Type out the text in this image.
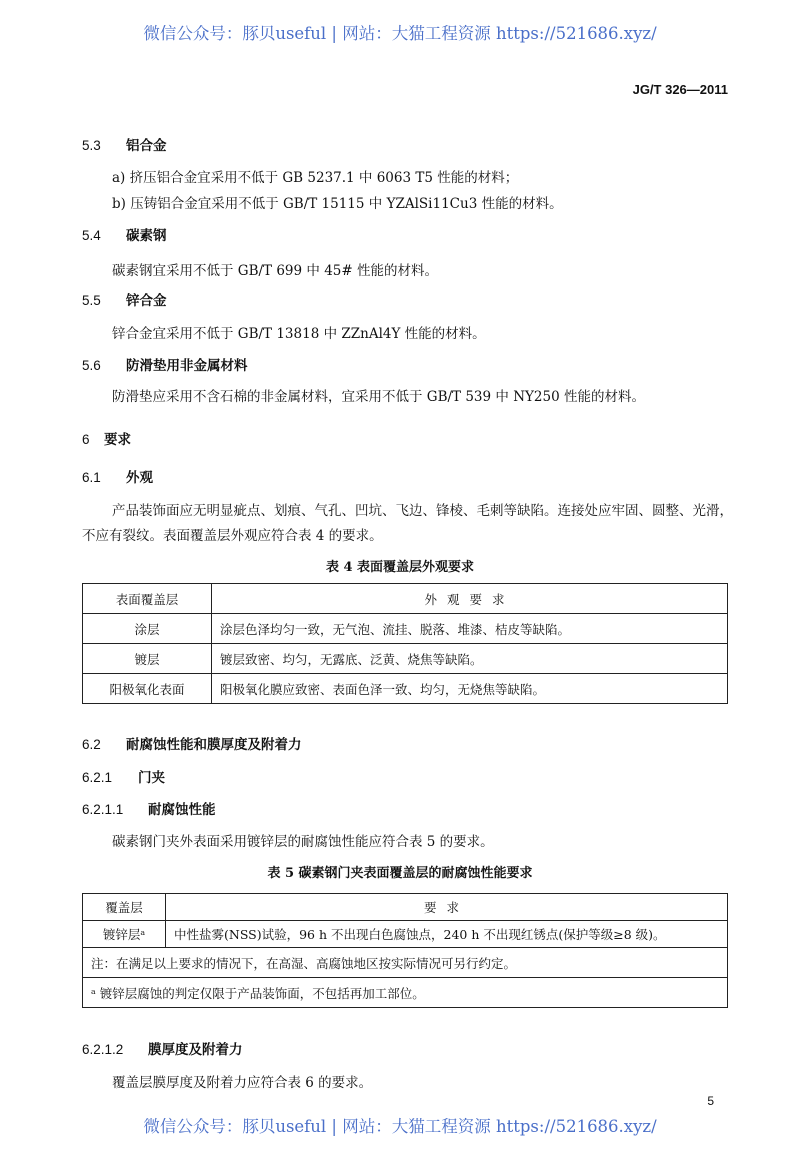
微信公众号：豚贝useful | 网站：大猫工程资源 https://521686.xyz/
JG/T 326—2011
5.3 铝合金
a) 挤压铝合金宜采用不低于 GB 5237.1 中 6063 T5 性能的材料；
b) 压铸铝合金宜采用不低于 GB/T 15115 中 YZAlSi11Cu3 性能的材料。
5.4 碳素钢
碳素钢宜采用不低于 GB/T 699 中 45# 性能的材料。
5.5 锌合金
锌合金宜采用不低于 GB/T 13818 中 ZZnAl4Y 性能的材料。
5.6 防滑垫用非金属材料
防滑垫应采用不含石棉的非金属材料，宜采用不低于 GB/T 539 中 NY250 性能的材料。
6 要求
6.1 外观
产品装饰面应无明显疵点、划痕、气孔、凹坑、飞边、锋棱、毛刺等缺陷。连接处应牢固、圆整、光滑，
不应有裂纹。表面覆盖层外观应符合表 4 的要求。
表 4 表面覆盖层外观要求
表面覆盖层	外观要求
涂层	涂层色泽均匀一致，无气泡、流挂、脱落、堆漆、桔皮等缺陷。
镀层	镀层致密、均匀，无露底、泛黄、烧焦等缺陷。
阳极氧化表面	阳极氧化膜应致密、表面色泽一致、均匀，无烧焦等缺陷。
6.2 耐腐蚀性能和膜厚度及附着力
6.2.1 门夹
6.2.1.1 耐腐蚀性能
碳素钢门夹外表面采用镀锌层的耐腐蚀性能应符合表 5 的要求。
表 5 碳素钢门夹表面覆盖层的耐腐蚀性能要求
覆盖层	要求
镀锌层ᵃ	中性盐雾(NSS)试验，96 h 不出现白色腐蚀点，240 h 不出现红锈点(保护等级≥8 级)。
注：在满足以上要求的情况下，在高湿、高腐蚀地区按实际情况可另行约定。	
ᵃ 镀锌层腐蚀的判定仅限于产品装饰面，不包括再加工部位。	
6.2.1.2 膜厚度及附着力
覆盖层膜厚度及附着力应符合表 6 的要求。
5
微信公众号：豚贝useful | 网站：大猫工程资源 https://521686.xyz/
